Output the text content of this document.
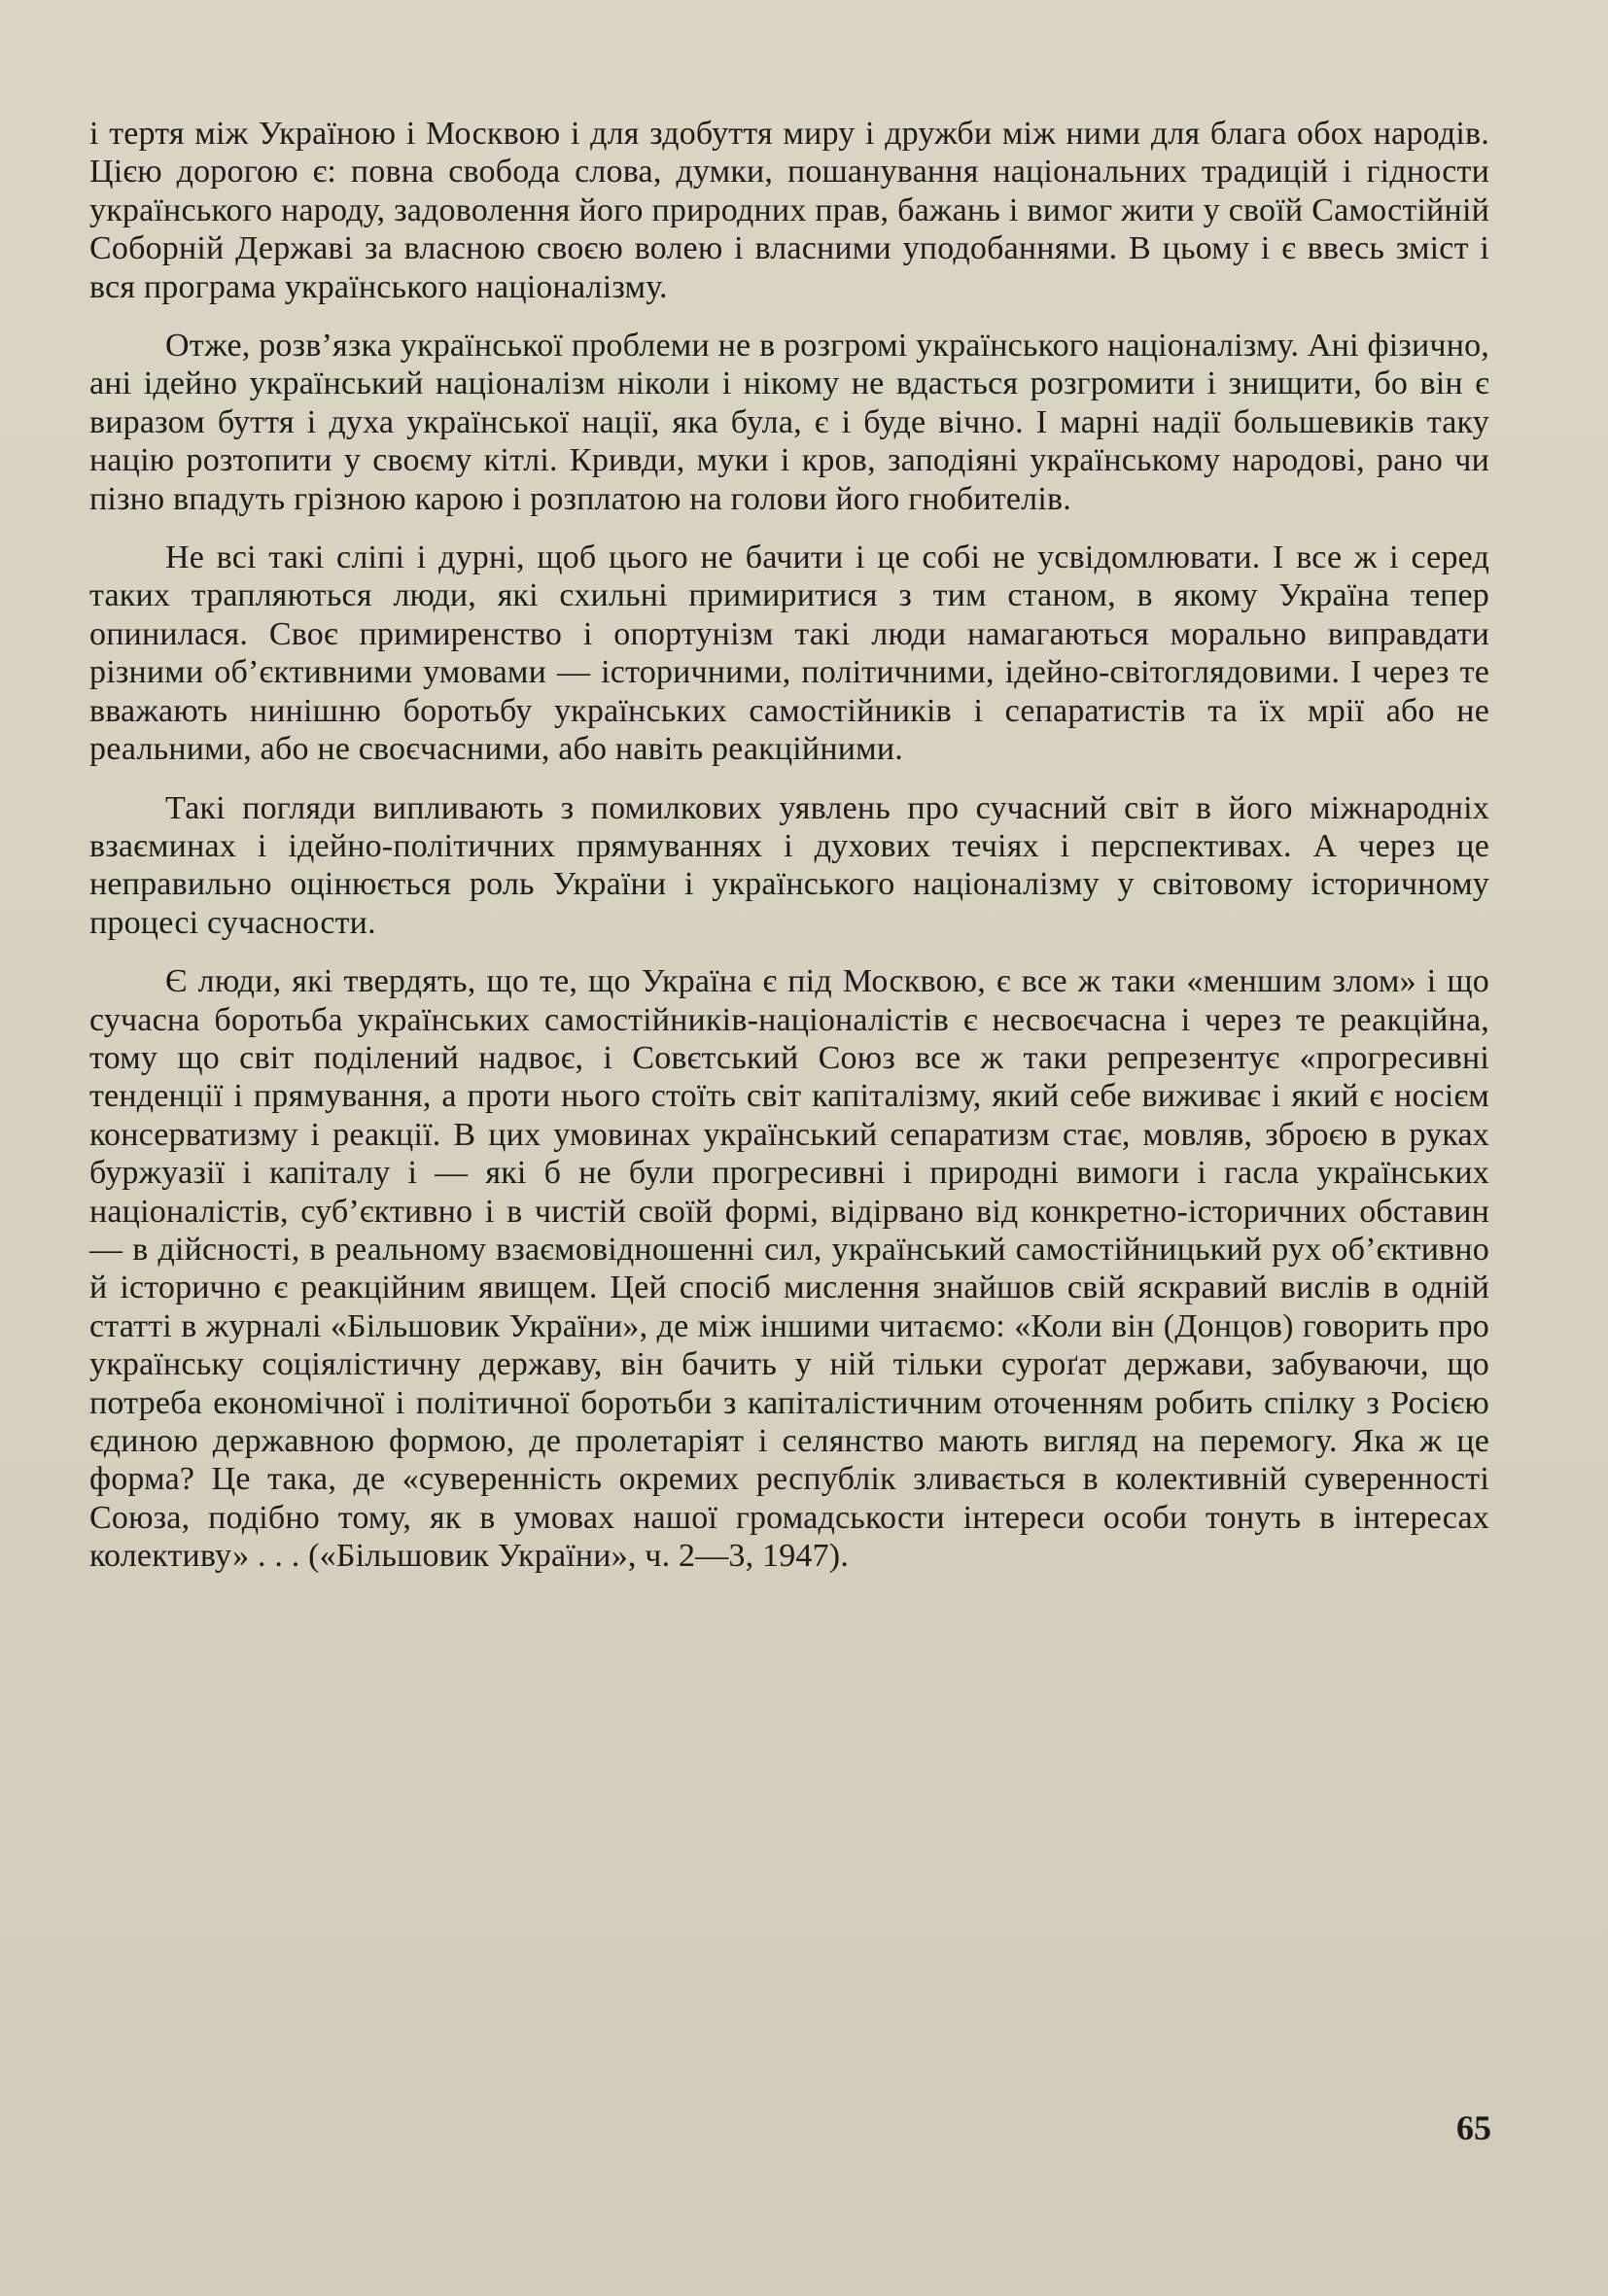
і тертя між Україною і Москвою і для здобуття миру і дружби між ними для блага обох народів. Цією дорогою є: повна свобода слова, думки, пошанування національних традицій і гідности українського народу, задоволення його природних прав, бажань і вимог жити у своїй Самостійній Соборній Державі за власною своєю волею і власними уподобаннями. В цьому і є ввесь зміст і вся програма українського націоналізму.

Отже, розв’язка української проблеми не в розгромі українського націоналізму. Ані фізично, ані ідейно український націоналізм ніколи і нікому не вдасться розгромити і знищити, бо він є виразом буття і духа української нації, яка була, є і буде вічно. І марні надії большевиків таку націю розтопити у своєму кітлі. Кривди, муки і кров, заподіяні українському народові, рано чи пізно впадуть грізною карою і розплатою на голови його гнобителів.

Не всі такі сліпі і дурні, щоб цього не бачити і це собі не усвідомлювати. І все ж і серед таких трапляються люди, які схильні примиритися з тим станом, в якому Україна тепер опинилася. Своє примиренство і опортунізм такі люди намагаються морально виправдати різними об’єктивними умовами — історичними, політичними, ідейно-світоглядовими. І через те вважають нинішню боротьбу українських самостійників і сепаратистів та їх мрії або не реальними, або не своєчасними, або навіть реакційними.

Такі погляди випливають з помилкових уявлень про сучасний світ в його міжнародніх взаєминах і ідейно-політичних прямуваннях і духових течіях і перспективах. А через це неправильно оцінюється роль України і українського націоналізму у світовому історичному процесі сучасности.

Є люди, які твердять, що те, що Україна є під Москвою, є все ж таки «меншим злом» і що сучасна боротьба українських самостійників-націоналістів є несвоєчасна і через те реакційна, тому що світ поділений надвоє, і Совєтський Союз все ж таки репрезентує «прогресивні тенденції і прямування, а проти нього стоїть світ капіталізму, який себе виживає і який є носієм консерватизму і реакції. В цих умовинах український сепаратизм стає, мовляв, зброєю в руках буржуазії і капіталу і — які б не були прогресивні і природні вимоги і гасла українських націоналістів, суб’єктивно і в чистій своїй формі, відірвано від конкретно-історичних обставин — в дійсності, в реальному взаємовідношенні сил, український самостійницький рух об’єктивно й історично є реакційним явищем. Цей спосіб мислення знайшов свій яскравий вислів в одній статті в журналі «Більшовик України», де між іншими читаємо: «Коли він (Донцов) говорить про українську соціялістичну державу, він бачить у ній тільки суроґат держави, забуваючи, що потреба економічної і політичної боротьби з капіталістичним оточенням робить спілку з Росією єдиною державною формою, де пролетаріят і селянство мають вигляд на перемогу. Яка ж це форма? Це така, де «суверенність окремих республік зливається в колективній суверенності Союза, подібно тому, як в умовах нашої громадськости інтереси особи тонуть в інтересах колективу» . . . («Більшовик України», ч. 2—3, 1947).

65
